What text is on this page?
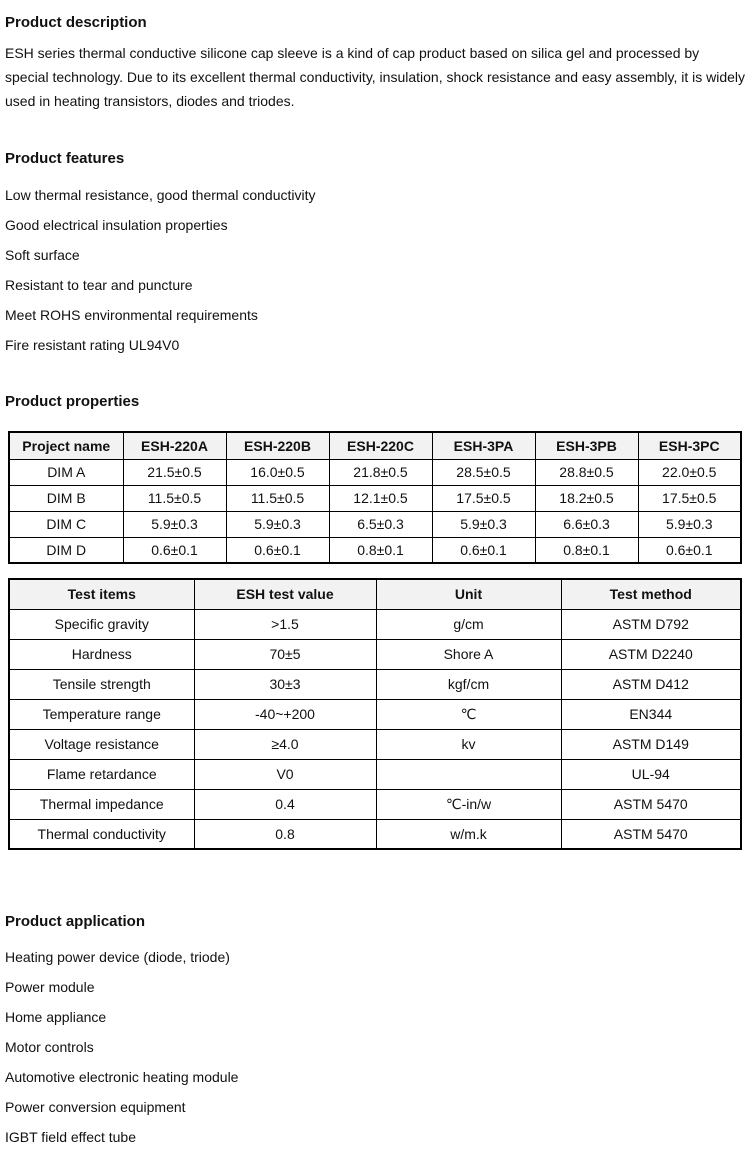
Product description

ESH series thermal conductive silicone cap sleeve is a kind of cap product based on silica gel and processed by special technology. Due to its excellent thermal conductivity, insulation, shock resistance and easy assembly, it is widely used in heating transistors, diodes and triodes.

Product features

Low thermal resistance, good thermal conductivity

Good electrical insulation properties

Soft surface

Resistant to tear and puncture

Meet ROHS environmental requirements

Fire resistant rating UL94V0

Product properties
Project name	ESH-220A	ESH-220B	ESH-220C	ESH-3PA	ESH-3PB	ESH-3PC
DIM A	21.5±0.5	16.0±0.5	21.8±0.5	28.5±0.5	28.8±0.5	22.0±0.5
DIM B	11.5±0.5	11.5±0.5	12.1±0.5	17.5±0.5	18.2±0.5	17.5±0.5
DIM C	5.9±0.3	5.9±0.3	6.5±0.3	5.9±0.3	6.6±0.3	5.9±0.3
DIM D	0.6±0.1	0.6±0.1	0.8±0.1	0.6±0.1	0.8±0.1	0.6±0.1
Test items	ESH test value	Unit	Test method
Specific gravity	>1.5	g/cm	ASTM D792
Hardness	70±5	Shore A	ASTM D2240
Tensile strength	30±3	kgf/cm	ASTM D412
Temperature range	-40~+200	℃	EN344
Voltage resistance	≥4.0	kv	ASTM D149
Flame retardance	V0		UL-94
Thermal impedance	0.4	℃-in/w	ASTM 5470
Thermal conductivity	0.8	w/m.k	ASTM 5470
Product application

Heating power device (diode, triode)

Power module

Home appliance

Motor controls

Automotive electronic heating module

Power conversion equipment

IGBT field effect tube
